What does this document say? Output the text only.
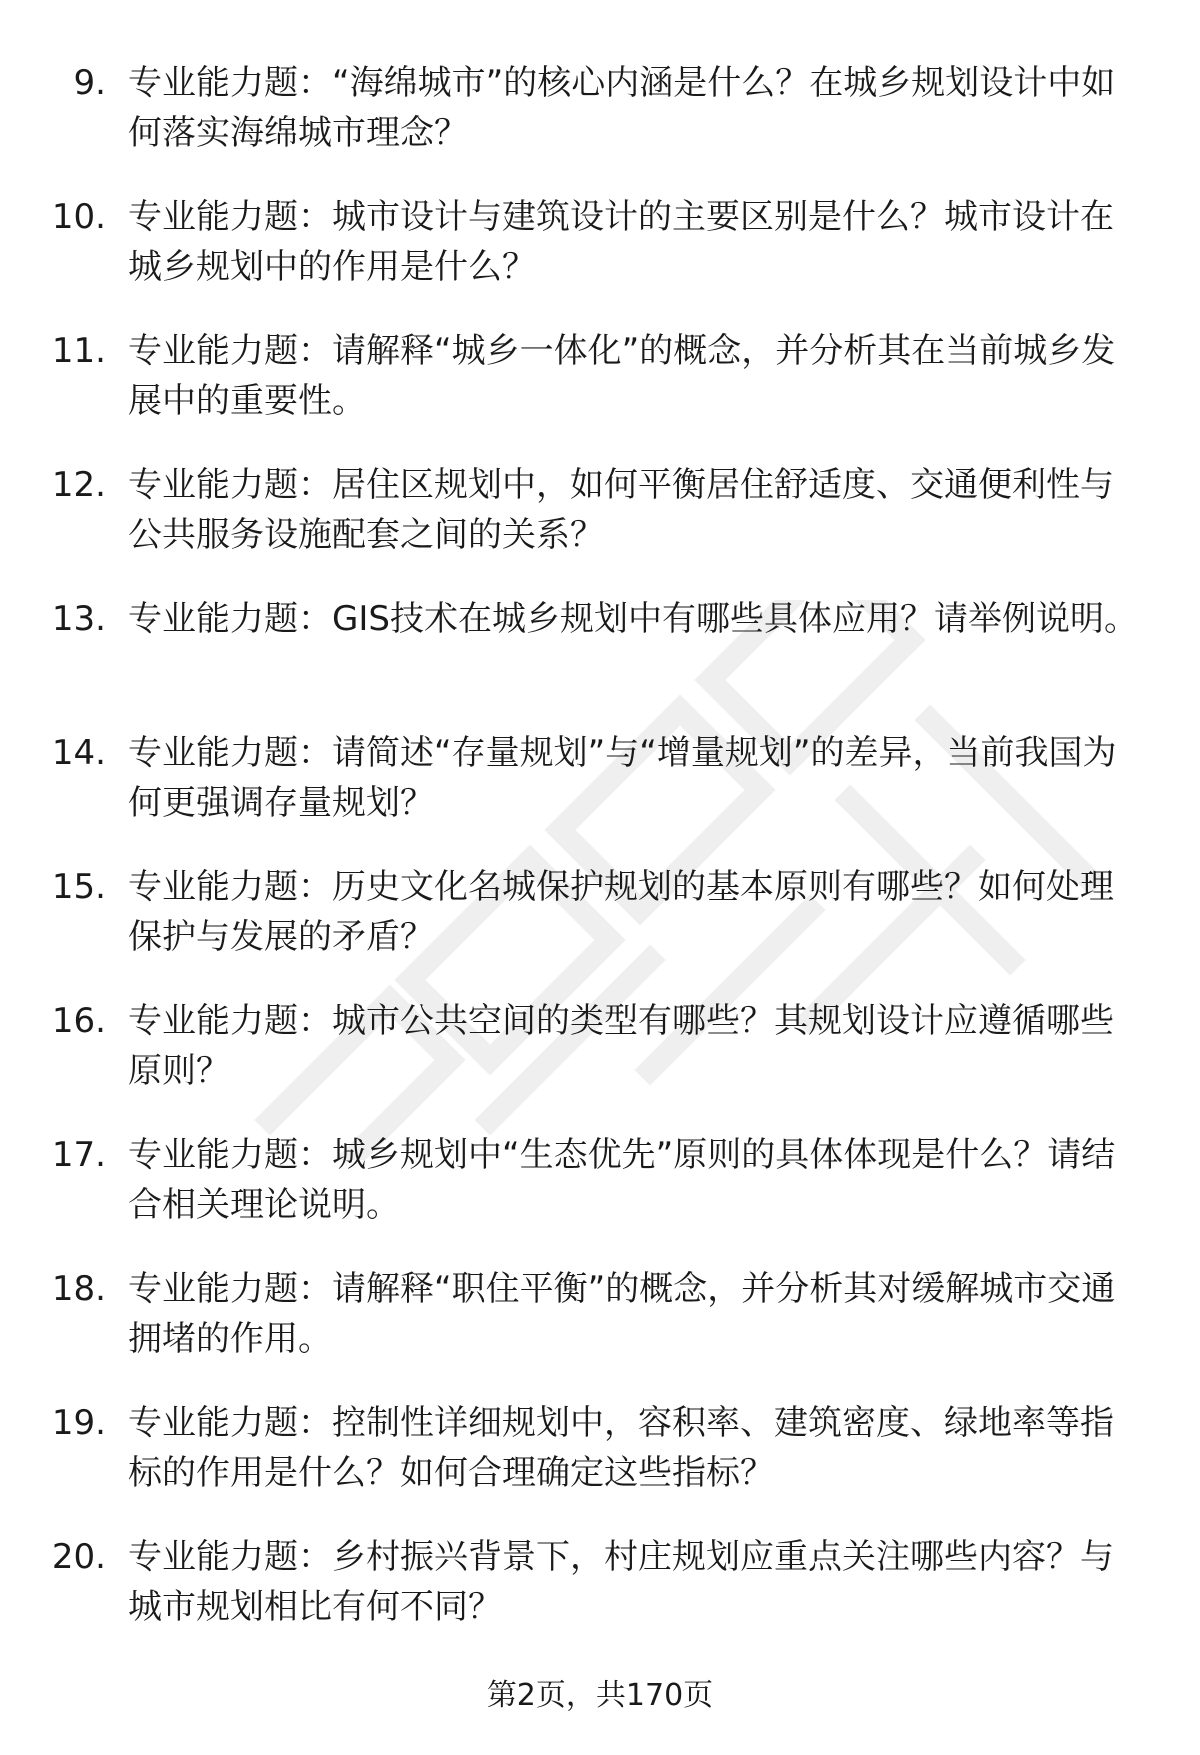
9. 专业能力题：“海绵城市”的核心内涵是什么？在城乡规划设计中如何落实海绵城市理念？
10. 专业能力题：城市设计与建筑设计的主要区别是什么？城市设计在城乡规划中的作用是什么？
11. 专业能力题：请解释“城乡一体化”的概念，并分析其在当前城乡发展中的重要性。
12. 专业能力题：居住区规划中，如何平衡居住舒适度、交通便利性与公共服务设施配套之间的关系？
13. 专业能力题：GIS技术在城乡规划中有哪些具体应用？请举例说明。
14. 专业能力题：请简述“存量规划”与“增量规划”的差异，当前我国为何更强调存量规划？
15. 专业能力题：历史文化名城保护规划的基本原则有哪些？如何处理保护与发展的矛盾？
16. 专业能力题：城市公共空间的类型有哪些？其规划设计应遵循哪些原则？
17. 专业能力题：城乡规划中“生态优先”原则的具体体现是什么？请结合相关理论说明。
18. 专业能力题：请解释“职住平衡”的概念，并分析其对缓解城市交通拥堵的作用。
19. 专业能力题：控制性详细规划中，容积率、建筑密度、绿地率等指标的作用是什么？如何合理确定这些指标？
20. 专业能力题：乡村振兴背景下，村庄规划应重点关注哪些内容？与城市规划相比有何不同？
第2页，共170页
